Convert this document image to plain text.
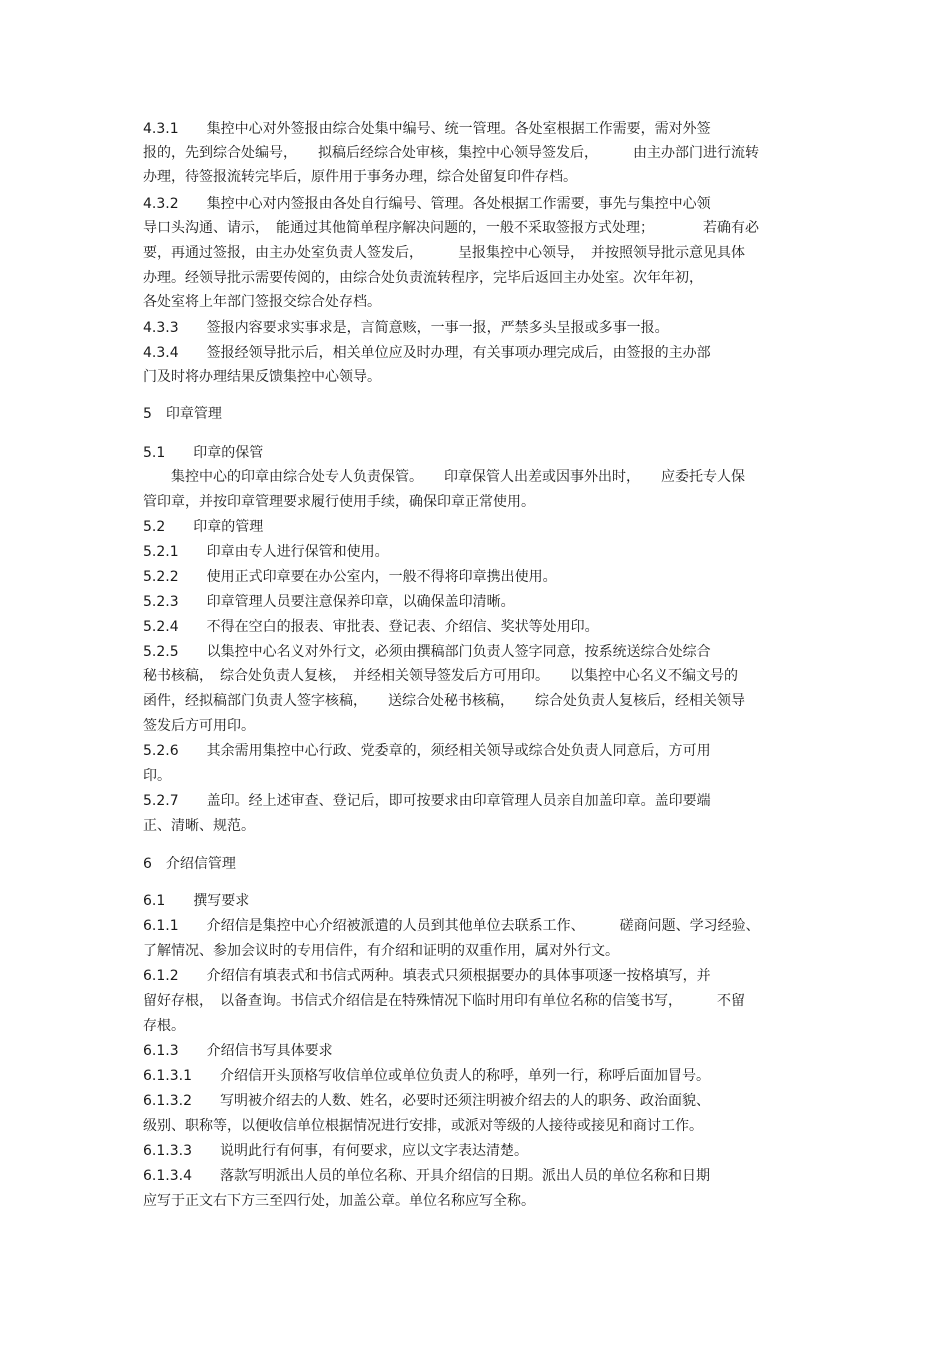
4.3.1　　集控中心对外签报由综合处集中编号、统一管理。各处室根据工作需要，需对外签
报的，先到综合处编号，　　拟稿后经综合处审核，集控中心领导签发后，　　　由主办部门进行流转
办理，待签报流转完毕后，原件用于事务办理，综合处留复印件存档。
4.3.2　　集控中心对内签报由各处自行编号、管理。各处根据工作需要，事先与集控中心领
导口头沟通、请示，　能通过其他简单程序解决问题的，一般不采取签报方式处理；　　　　若确有必
要，再通过签报，由主办处室负责人签发后，　　　呈报集控中心领导，　并按照领导批示意见具体
办理。经领导批示需要传阅的，由综合处负责流转程序，完毕后返回主办处室。次年年初，
各处室将上年部门签报交综合处存档。
4.3.3　　签报内容要求实事求是，言简意赅，一事一报，严禁多头呈报或多事一报。
4.3.4　　签报经领导批示后，相关单位应及时办理，有关事项办理完成后，由签报的主办部
门及时将办理结果反馈集控中心领导。
5　印章管理
5.1　　印章的保管
　　集控中心的印章由综合处专人负责保管。　　印章保管人出差或因事外出时，　　应委托专人保
管印章，并按印章管理要求履行使用手续，确保印章正常使用。
5.2　　印章的管理
5.2.1　　印章由专人进行保管和使用。
5.2.2　　使用正式印章要在办公室内，一般不得将印章携出使用。
5.2.3　　印章管理人员要注意保养印章，以确保盖印清晰。
5.2.4　　不得在空白的报表、审批表、登记表、介绍信、奖状等处用印。
5.2.5　　以集控中心名义对外行文，必须由撰稿部门负责人签字同意，按系统送综合处综合
秘书核稿，　综合处负责人复核，　并经相关领导签发后方可用印。　　以集控中心名义不编文号的
函件，经拟稿部门负责人签字核稿，　　送综合处秘书核稿，　　综合处负责人复核后，经相关领导
签发后方可用印。
5.2.6　　其余需用集控中心行政、党委章的，须经相关领导或综合处负责人同意后，方可用
印。
5.2.7　　盖印。经上述审查、登记后，即可按要求由印章管理人员亲自加盖印章。盖印要端
正、清晰、规范。
6　介绍信管理
6.1　　撰写要求
6.1.1　　介绍信是集控中心介绍被派遣的人员到其他单位去联系工作、　　　磋商问题、学习经验、
了解情况、参加会议时的专用信件，有介绍和证明的双重作用，属对外行文。
6.1.2　　介绍信有填表式和书信式两种。填表式只须根据要办的具体事项逐一按格填写，并
留好存根，　以备查询。书信式介绍信是在特殊情况下临时用印有单位名称的信笺书写，　　　不留
存根。
6.1.3　　介绍信书写具体要求
6.1.3.1　　介绍信开头顶格写收信单位或单位负责人的称呼，单列一行，称呼后面加冒号。
6.1.3.2　　写明被介绍去的人数、姓名，必要时还须注明被介绍去的人的职务、政治面貌、
级别、职称等，以便收信单位根据情况进行安排，或派对等级的人接待或接见和商讨工作。
6.1.3.3　　说明此行有何事，有何要求，应以文字表达清楚。
6.1.3.4　　落款写明派出人员的单位名称、开具介绍信的日期。派出人员的单位名称和日期
应写于正文右下方三至四行处，加盖公章。单位名称应写全称。
